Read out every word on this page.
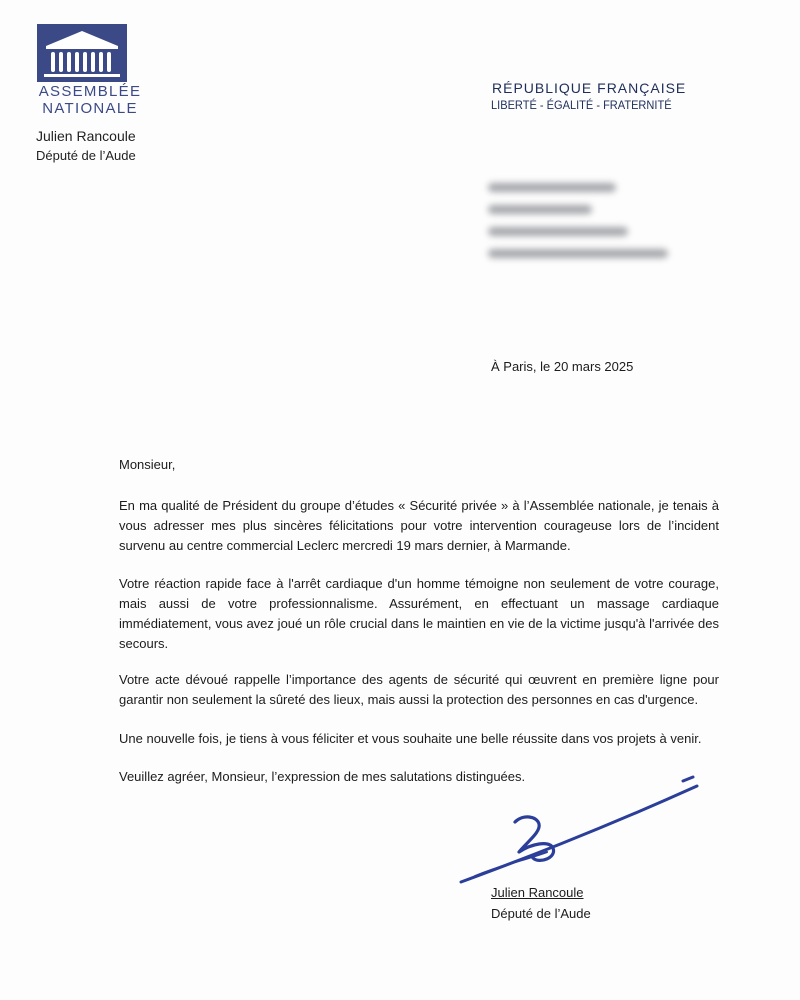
ASSEMBLÉE
NATIONALE
Julien Rancoule
Député de l’Aude
RÉPUBLIQUE FRANÇAISE
LIBERTÉ - ÉGALITÉ - FRATERNITÉ
À Paris, le 20 mars 2025

Monsieur,

En ma qualité de Président du groupe d’études « Sécurité privée » à l’Assemblée nationale, je tenais à vous adresser mes plus sincères félicitations pour votre intervention courageuse lors de l’incident survenu au centre commercial Leclerc mercredi 19 mars dernier, à Marmande.

Votre réaction rapide face à l'arrêt cardiaque d'un homme témoigne non seulement de votre courage, mais aussi de votre professionnalisme. Assurément, en effectuant un massage cardiaque immédiatement, vous avez joué un rôle crucial dans le maintien en vie de la victime jusqu'à l'arrivée des secours.

Votre acte dévoué rappelle l’importance des agents de sécurité qui œuvrent en première ligne pour garantir non seulement la sûreté des lieux, mais aussi la protection des personnes en cas d'urgence.

Une nouvelle fois, je tiens à vous féliciter et vous souhaite une belle réussite dans vos projets à venir.

Veuillez agréer, Monsieur, l’expression de mes salutations distinguées.

Julien Rancoule
Député de l’Aude
